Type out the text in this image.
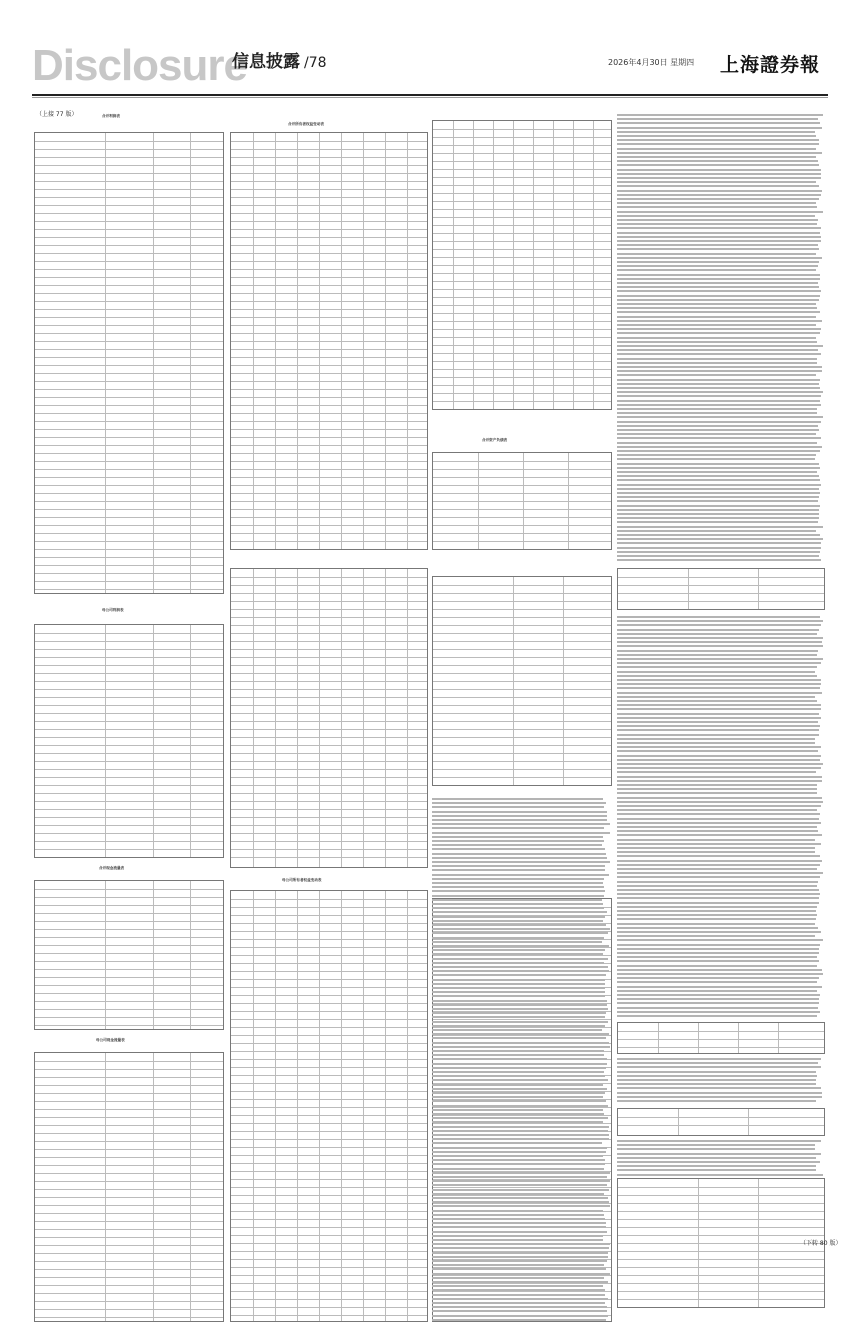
Disclosure
信息披露 /78	2026年4月30日 星期四 上海證券報
（上接 77 版）	合并利润表
母公司利润表
合并现金流量表
母公司现金流量表
合并所有者权益变动表
母公司所有者权益变动表
合并资产负债表
（下转 80 版）
